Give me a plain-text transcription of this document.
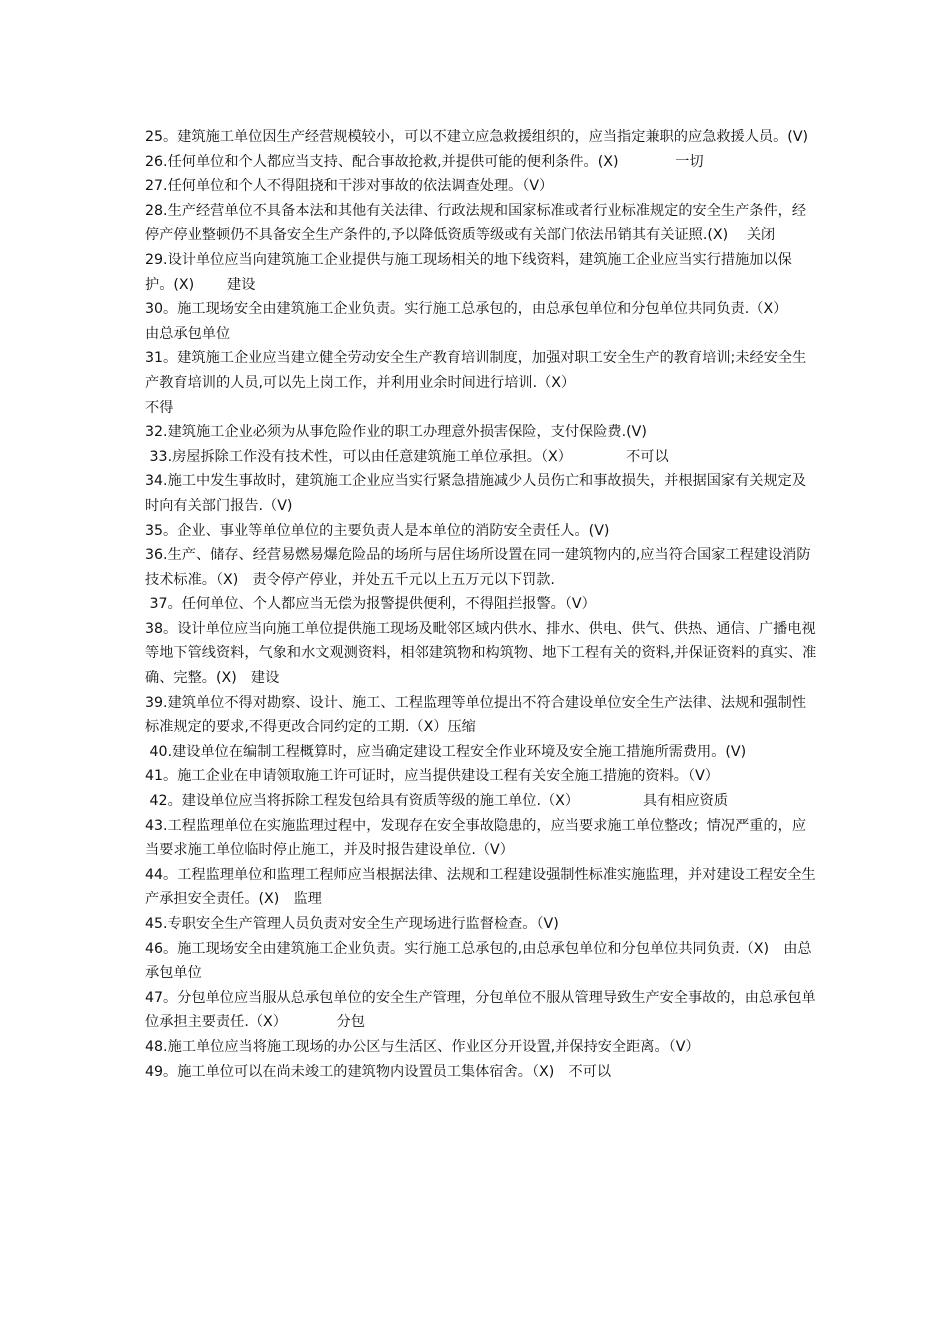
25。建筑施工单位因生产经营规模较小，可以不建立应急救援组织的，应当指定兼职的应急救援人员。(V)

26.任何单位和个人都应当支持、配合事故抢救,并提供可能的便利条件。(X)　　　　一切

27.任何单位和个人不得阻挠和干涉对事故的依法调查处理。（V）

28.生产经营单位不具备本法和其他有关法律、行政法规和国家标准或者行业标准规定的安全生产条件，经停产停业整顿仍不具备安全生产条件的,予以降低资质等级或有关部门依法吊销其有关证照.(X)　 关闭

29.设计单位应当向建筑施工企业提供与施工现场相关的地下线资料，建筑施工企业应当实行措施加以保护。(X)　　 建设

30。施工现场安全由建筑施工企业负责。实行施工总承包的，由总承包单位和分包单位共同负责.（X）　　　　　 由总承包单位

31。建筑施工企业应当建立健全劳动安全生产教育培训制度，加强对职工安全生产的教育培训;未经安全生产教育培训的人员,可以先上岗工作，并利用业余时间进行培训.（X）
不得

32.建筑施工企业必须为从事危险作业的职工办理意外损害保险，支付保险费.(V)

33.房屋拆除工作没有技术性，可以由任意建筑施工单位承担。（X）　　　　 不可以

34.施工中发生事故时，建筑施工企业应当实行紧急措施减少人员伤亡和事故损失，并根据国家有关规定及时向有关部门报告.（V)

35。企业、事业等单位单位的主要负责人是本单位的消防安全责任人。(V)

36.生产、储存、经营易燃易爆危险品的场所与居住场所设置在同一建筑物内的,应当符合国家工程建设消防技术标准。（X)　责令停产停业，并处五千元以上五万元以下罚款.

37。任何单位、个人都应当无偿为报警提供便利，不得阻拦报警。（V）

38。设计单位应当向施工单位提供施工现场及毗邻区域内供水、排水、供电、供气、供热、通信、广播电视等地下管线资料，气象和水文观测资料，相邻建筑物和构筑物、地下工程有关的资料,并保证资料的真实、准确、完整。(X)　建设

39.建筑单位不得对勘察、设计、施工、工程监理等单位提出不符合建设单位安全生产法律、法规和强制性标准规定的要求,不得更改合同约定的工期.（X）压缩

40.建设单位在编制工程概算时，应当确定建设工程安全作业环境及安全施工措施所需费用。(V)

41。施工企业在申请领取施工许可证时，应当提供建设工程有关安全施工措施的资料。（V）

42。建设单位应当将拆除工程发包给具有资质等级的施工单位.（X）　　　　　具有相应资质

43.工程监理单位在实施监理过程中，发现存在安全事故隐患的，应当要求施工单位整改；情况严重的，应当要求施工单位临时停止施工，并及时报告建设单位.（V）

44。工程监理单位和监理工程师应当根据法律、法规和工程建设强制性标准实施监理，并对建设工程安全生产承担安全责任。(X)　监理

45.专职安全生产管理人员负责对安全生产现场进行监督检查。（V)

46。施工现场安全由建筑施工企业负责。实行施工总承包的,由总承包单位和分包单位共同负责.（X)　由总承包单位

47。分包单位应当服从总承包单位的安全生产管理，分包单位不服从管理导致生产安全事故的，由总承包单位承担主要责任.（X）　　　　分包

48.施工单位应当将施工现场的办公区与生活区、作业区分开设置,并保持安全距离。（V）

49。施工单位可以在尚未竣工的建筑物内设置员工集体宿舍。（X)　不可以
